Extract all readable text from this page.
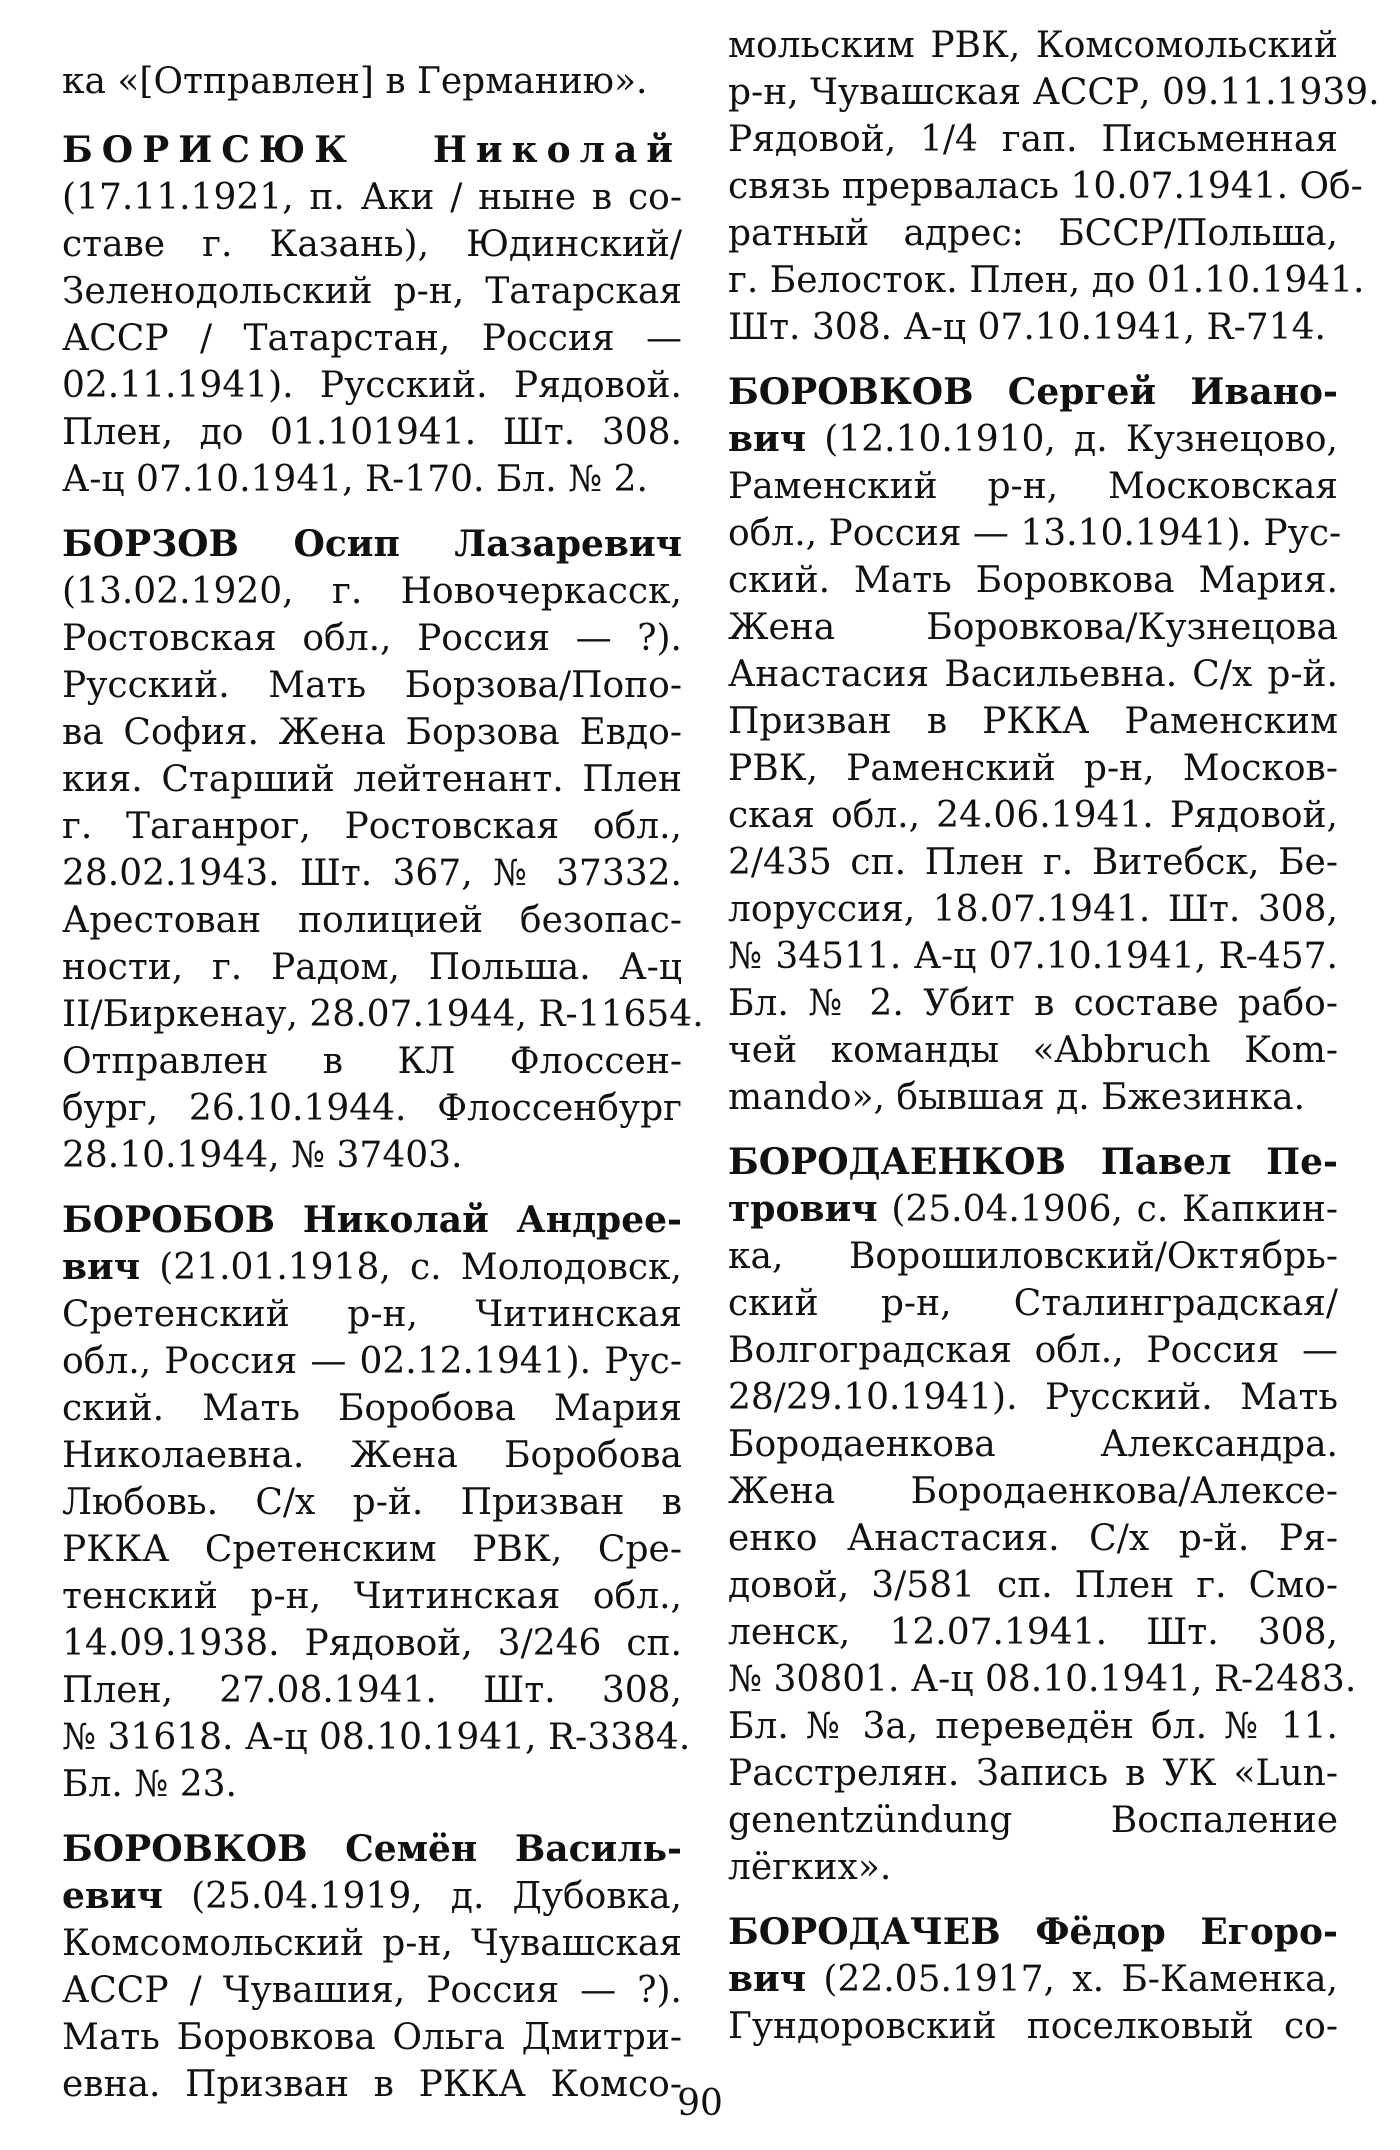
ка «[Отправлен] в Германию».

БОРИСЮК Николай
(17.11.1921, п. Аки / ныне в со-
ставе г. Казань), Юдинский/
Зеленодольский р-н, Татарская
АССР / Татарстан, Россия —
02.11.1941). Русский. Рядовой.
Плен, до 01.101941. Шт. 308.
А-ц 07.10.1941, R-170. Бл. № 2.
БОРЗОВ Осип Лазаревич
(13.02.1920, г. Новочеркасск,
Ростовская обл., Россия — ?).
Русский. Мать Борзова/Попо-
ва София. Жена Борзова Евдо-
кия. Старший лейтенант. Плен
г. Таганрог, Ростовская обл.,
28.02.1943. Шт. 367, № 37332.
Арестован полицией безопас-
ности, г. Радом, Польша. А-ц
II/Биркенау, 28.07.1944, R-11654.
Отправлен в КЛ Флоссен-
бург, 26.10.1944. Флоссенбург
28.10.1944, № 37403.
БОРОБОВ Николай Андрее-
вич (21.01.1918, с. Молодовск,
Сретенский р-н, Читинская
обл., Россия — 02.12.1941). Рус-
ский. Мать Боробова Мария
Николаевна. Жена Боробова
Любовь. С/х р-й. Призван в
РККА Сретенским РВК, Сре-
тенский р-н, Читинская обл.,
14.09.1938. Рядовой, 3/246 сп.
Плен, 27.08.1941. Шт. 308,
№ 31618. А-ц 08.10.1941, R-3384.
Бл. № 23.
БОРОВКОВ Семён Василь-
евич (25.04.1919, д. Дубовка,
Комсомольский р-н, Чувашская
АССР / Чувашия, Россия — ?).
Мать Боровкова Ольга Дмитри-
евна. Призван в РККА Комсо-
мольским РВК, Комсомольский
р-н, Чувашская АССР, 09.11.1939.
Рядовой, 1/4 гап. Письменная
связь прервалась 10.07.1941. Об-
ратный адрес: БССР/Польша,
г. Белосток. Плен, до 01.10.1941.
Шт. 308. А-ц 07.10.1941, R-714.
БОРОВКОВ Сергей Ивано-
вич (12.10.1910, д. Кузнецово,
Раменский р-н, Московская
обл., Россия — 13.10.1941). Рус-
ский. Мать Боровкова Мария.
Жена Боровкова/Кузнецова
Анастасия Васильевна. С/х р-й.
Призван в РККА Раменским
РВК, Раменский р-н, Москов-
ская обл., 24.06.1941. Рядовой,
2/435 сп. Плен г. Витебск, Бе-
лоруссия, 18.07.1941. Шт. 308,
№ 34511. А-ц 07.10.1941, R-457.
Бл. № 2. Убит в составе рабо-
чей команды «Abbruch Kom-
mando», бывшая д. Бжезинка.
БОРОДАЕНКОВ Павел Пе-
трович (25.04.1906, с. Капкин-
ка, Ворошиловский/Октябрь-
ский р-н, Сталинградская/
Волгоградская обл., Россия —
28/29.10.1941). Русский. Мать
Бородаенкова Александра.
Жена Бородаенкова/Алексе-
енко Анастасия. С/х р-й. Ря-
довой, 3/581 сп. Плен г. Смо-
ленск, 12.07.1941. Шт. 308,
№ 30801. А-ц 08.10.1941, R-2483.
Бл. № 3а, переведён бл. № 11.
Расстрелян. Запись в УК «Lun-
genentzündung Воспаление
лёгких».
БОРОДАЧЕВ Фёдор Егоро-
вич (22.05.1917, х. Б-Каменка,
Гундоровский поселковый со-
90
